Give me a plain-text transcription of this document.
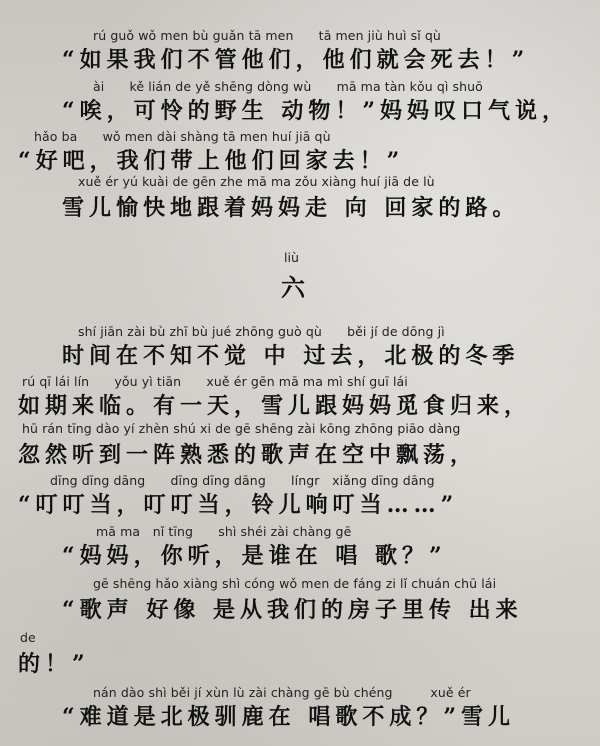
rú guǒ wǒ men bù guǎn tā men　　tā men jiù huì sǐ qù
“如果我们不管他们，他们就会死去！”
ài　　kě lián de yě shēng dòng wù　　mā ma tàn kǒu qì shuō
“唉，可怜的野生 动物！”妈妈叹口气说，
hǎo ba　　wǒ men dài shàng tā men huí jiā qù
“好吧，我们带上他们回家去！”
xuě ér yú kuài de gēn zhe mā ma zǒu xiàng huí jiā de lù
雪儿愉快地跟着妈妈走 向 回家的路。
liù
六
shí jiān zài bù zhī bù jué zhōng guò qù　　běi jí de dōng jì
时间在不知不觉 中 过去，北极的冬季
rú qī lái lín　　yǒu yì tiān　　xuě ér gēn mā ma mì shí guī lái
如期来临。有一天，雪儿跟妈妈觅食归来，
hū rán tīng dào yí zhèn shú xi de gē shēng zài kōng zhōng piāo dàng
忽然听到一阵熟悉的歌声在空中飘荡，
dīng dīng dāng　　dīng dīng dāng　　língr　xiǎng dīng dāng
“叮叮当，叮叮当，铃儿响叮当……”
mā ma　nǐ tīng　　shì shéi zài chàng gē
“妈妈，你听，是谁在 唱 歌？”
gē shēng hǎo xiàng shì cóng wǒ men de fáng zi lǐ chuán chū lái
“歌声 好像 是从我们的房子里传 出来
de
的！”
nán dào shì běi jí xùn lù zài chàng gē bù chéng　　　xuě ér
“难道是北极驯鹿在 唱歌不成？”雪儿
